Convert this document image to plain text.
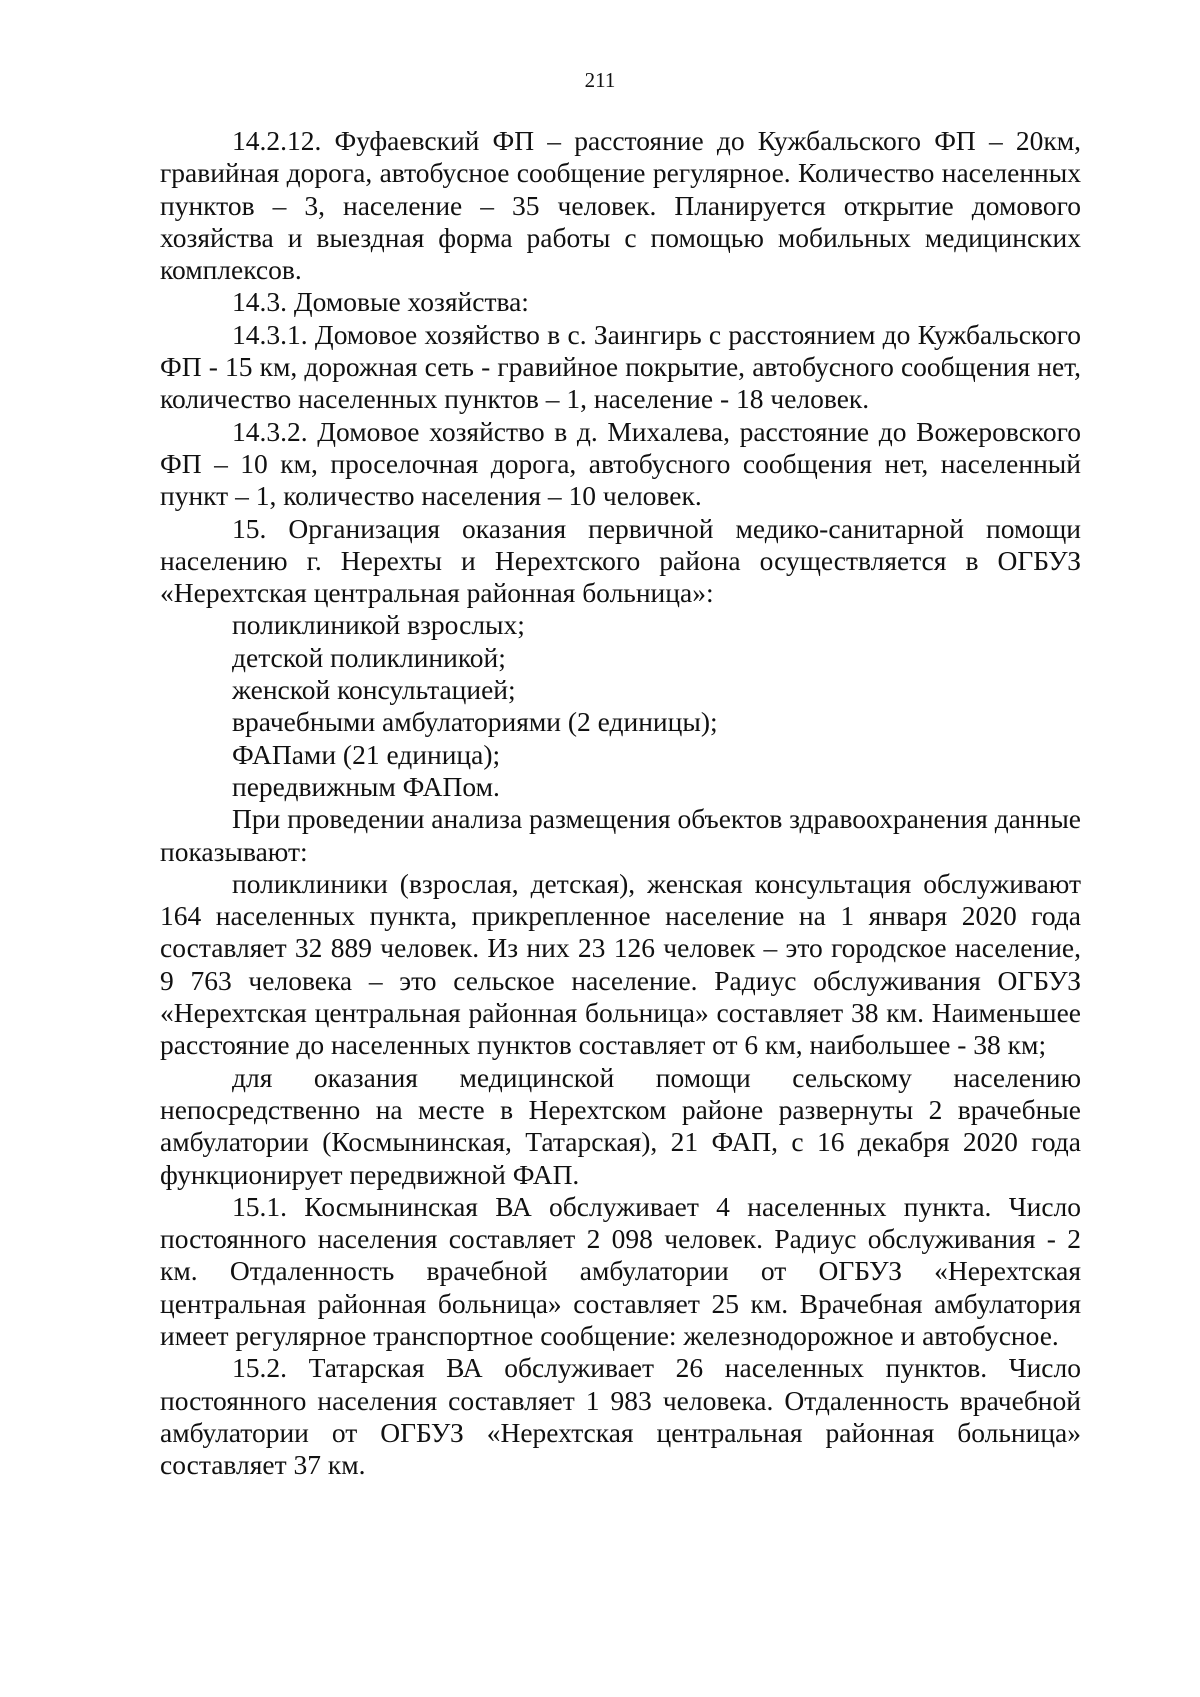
211

14.2.12. Фуфаевский ФП – расстояние до Кужбальского ФП – 20км, гравийная дорога, автобусное сообщение регулярное. Количество населенных пунктов – 3, население – 35 человек. Планируется открытие домового хозяйства и выездная форма работы с помощью мобильных медицинских комплексов.

14.3. Домовые хозяйства:

14.3.1. Домовое хозяйство в с. Заингирь с расстоянием до Кужбальского ФП - 15 км, дорожная сеть - гравийное покрытие, автобусного сообщения нет, количество населенных пунктов – 1, население - 18 человек.

14.3.2. Домовое хозяйство в д. Михалева, расстояние до Вожеровского ФП – 10 км, проселочная дорога, автобусного сообщения нет, населенный пункт – 1, количество населения – 10 человек.

15. Организация оказания первичной медико-санитарной помощи населению г. Нерехты и Нерехтского района осуществляется в ОГБУЗ «Нерехтская центральная районная больница»:

поликлиникой взрослых;

детской поликлиникой;

женской консультацией;

врачебными амбулаториями (2 единицы);

ФАПами (21 единица);

передвижным ФАПом.

При проведении анализа размещения объектов здравоохранения данные показывают:

поликлиники (взрослая, детская), женская консультация обслуживают 164 населенных пункта, прикрепленное население на 1 января 2020 года составляет 32 889 человек. Из них 23 126 человек – это городское население, 9 763 человека – это сельское население. Радиус обслуживания ОГБУЗ «Нерехтская центральная районная больница» составляет 38 км. Наименьшее расстояние до населенных пунктов составляет от 6 км, наибольшее - 38 км;

для оказания медицинской помощи сельскому населению непосредственно на месте в Нерехтском районе развернуты 2 врачебные амбулатории (Космынинская, Татарская), 21 ФАП, с 16 декабря 2020 года функционирует передвижной ФАП.

15.1. Космынинская ВА обслуживает 4 населенных пункта. Число постоянного населения составляет 2 098 человек. Радиус обслуживания - 2 км. Отдаленность врачебной амбулатории от ОГБУЗ «Нерехтская центральная районная больница» составляет 25 км. Врачебная амбулатория имеет регулярное транспортное сообщение: железнодорожное и автобусное.

15.2. Татарская ВА обслуживает 26 населенных пунктов. Число постоянного населения составляет 1 983 человека. Отдаленность врачебной амбулатории от ОГБУЗ «Нерехтская центральная районная больница» составляет 37 км.
